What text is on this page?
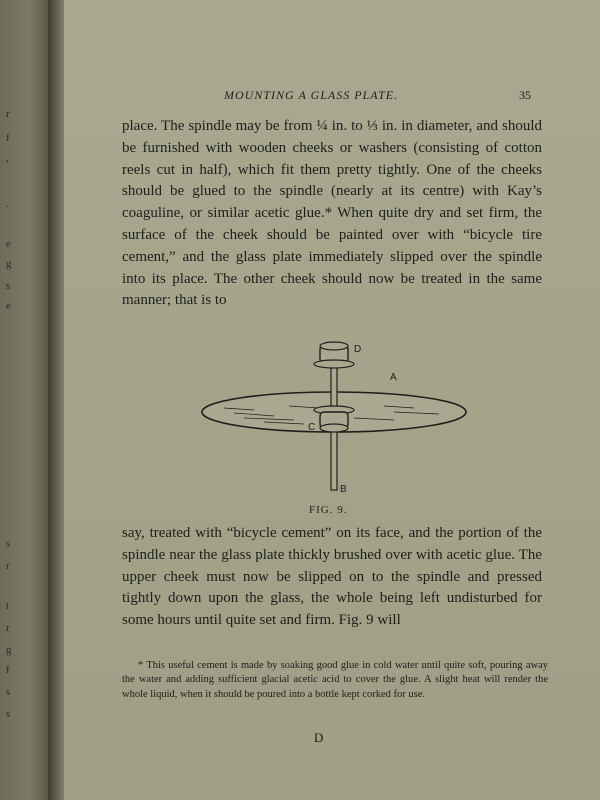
r
f
,
.
e
g
s
e
s
r
t
r
g
f
s
s
MOUNTING A GLASS PLATE.	35

place. The spindle may be from ¼ in. to ⅓ in. in diameter, and should be furnished with wooden cheeks or washers (consisting of cotton reels cut in half), which fit them pretty tightly. One of the cheeks should be glued to the spindle (nearly at its centre) with Kay’s coaguline, or similar acetic glue.* When quite dry and set firm, the surface of the cheek should be painted over with “bicycle tire cement,” and the glass plate immediately slipped over the spindle into its place. The other cheek should now be treated in the same manner; that is to

D
A
C
B
FIG. 9.

say, treated with “bicycle cement” on its face, and the portion of the spindle near the glass plate thickly brushed over with acetic glue. The upper cheek must now be slipped on to the spindle and pressed tightly down upon the glass, the whole being left undisturbed for some hours until quite set and firm. Fig. 9 will

* This useful cement is made by soaking good glue in cold water until quite soft, pouring away the water and adding sufficient glacial acetic acid to cover the glue. A slight heat will render the whole liquid, when it should be poured into a bottle kept corked for use.

D
